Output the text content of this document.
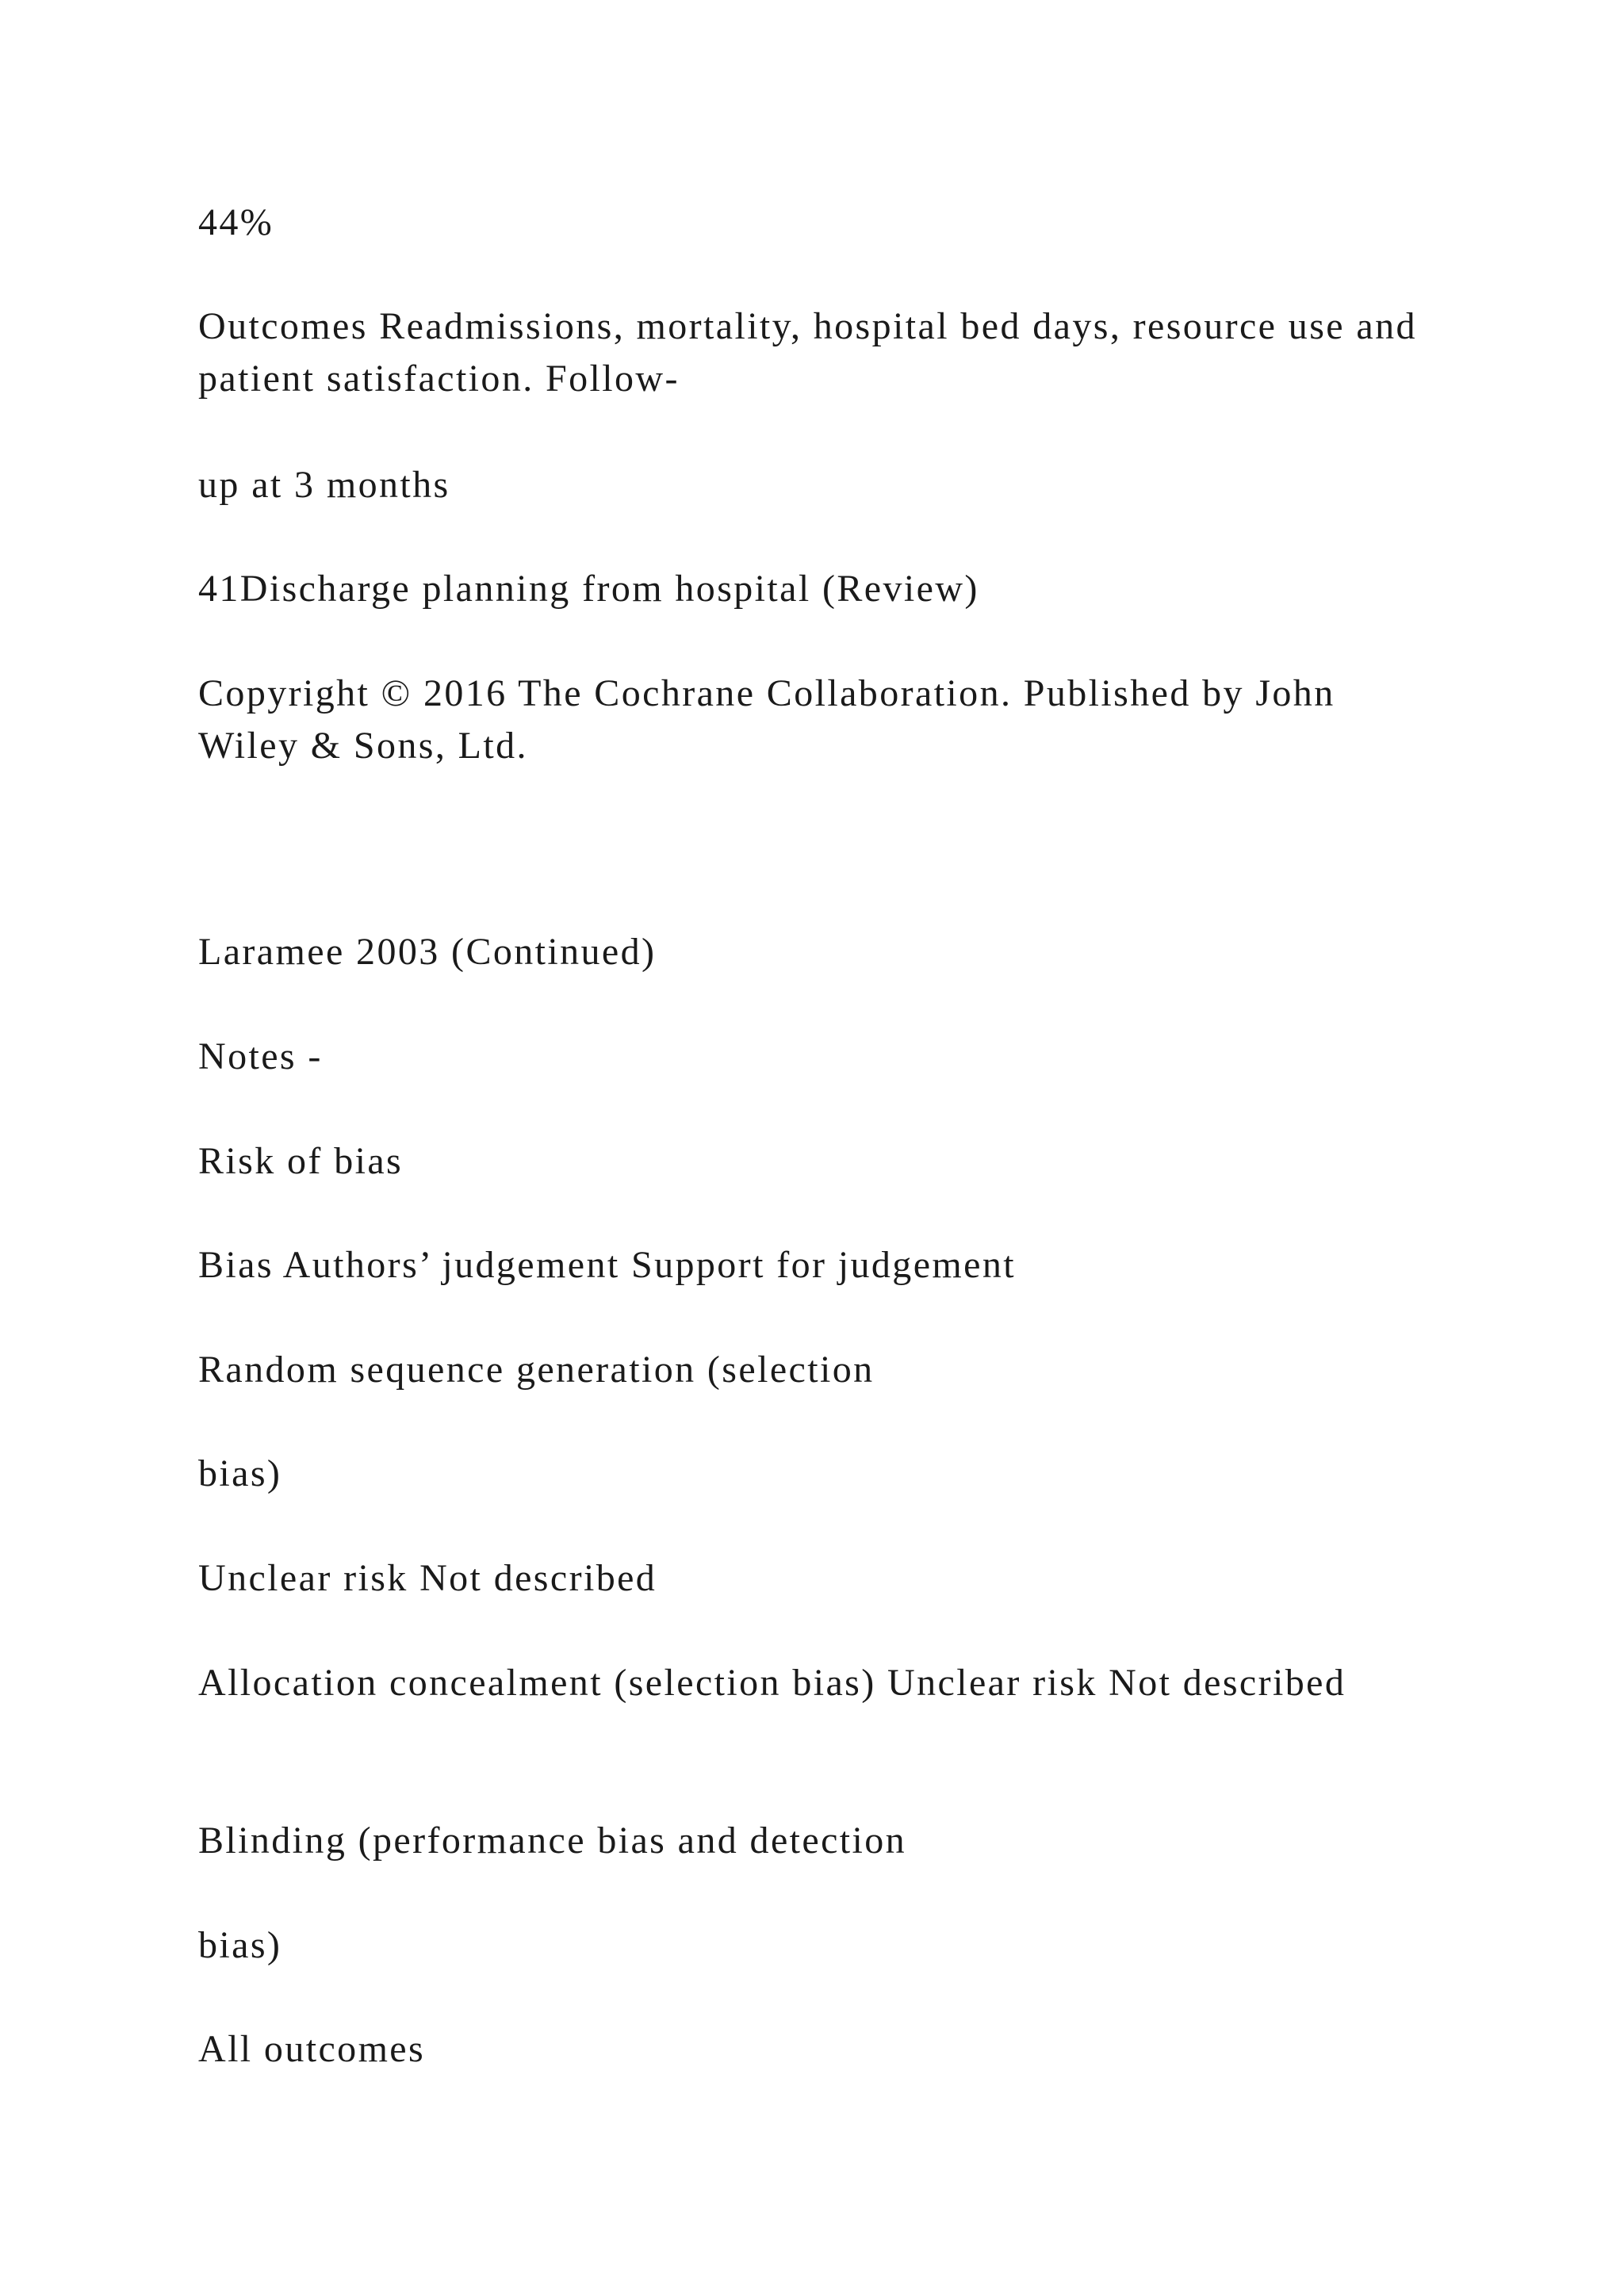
44%

Outcomes Readmissions, mortality, hospital bed days, resource use and patient satisfaction. Follow-

up at 3 months

41Discharge planning from hospital (Review)

Copyright © 2016 The Cochrane Collaboration. Published by John Wiley & Sons, Ltd.

Laramee 2003 (Continued)

Notes -

Risk of bias

Bias Authors’ judgement Support for judgement

Random sequence generation (selection

bias)

Unclear risk Not described

Allocation concealment (selection bias) Unclear risk Not described

Blinding (performance bias and detection

bias)

All outcomes
